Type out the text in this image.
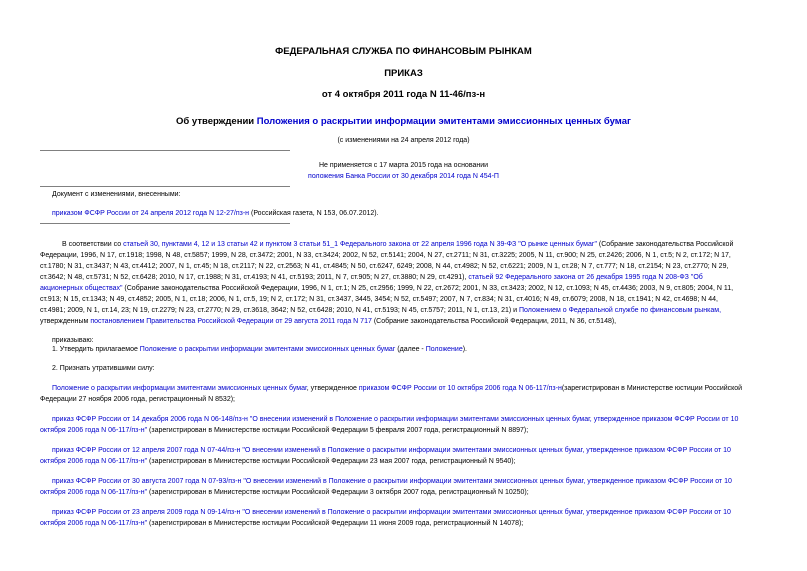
ФЕДЕРАЛЬНАЯ СЛУЖБА ПО ФИНАНСОВЫМ РЫНКАМ
ПРИКАЗ
от 4 октября 2011 года N 11-46/пз-н
Об утверждении Положения о раскрытии информации эмитентами эмиссионных ценных бумаг
(с изменениями на 24 апреля 2012 года)
Не применяется с 17 марта 2015 года на основании
положения Банка России от 30 декабря 2014 года N 454-П
Документ с изменениями, внесенными:
приказом ФСФР России от 24 апреля 2012 года N 12-27/пз-н (Российская газета, N 153, 06.07.2012).
В соответствии со статьей 30, пунктами 4, 12 и 13 статьи 42 и пунктом 3 статьи 51_1 Федерального закона от 22 апреля 1996 года N 39-ФЗ "О рынке ценных бумаг" (Собрание законодательства Российской
Федерации, 1996, N 17, ст.1918; 1998, N 48, ст.5857; 1999, N 28, ст.3472; 2001, N 33, ст.3424; 2002, N 52, ст.5141; 2004, N 27, ст.2711; N 31, ст.3225; 2005, N 11, ст.900; N 25, ст.2426; 2006, N 1, ст.5; N 2, ст.172; N 17,
ст.1780; N 31, ст.3437; N 43, ст.4412; 2007, N 1, ст.45; N 18, ст.2117; N 22, ст.2563; N 41, ст.4845; N 50, ст.6247, 6249; 2008, N 44, ст.4982; N 52, ст.6221; 2009, N 1, ст.28; N 7, ст.777; N 18, ст.2154; N 23, ст.2770; N 29,
ст.3642; N 48, ст.5731; N 52, ст.6428; 2010, N 17, ст.1988; N 31, ст.4193; N 41, ст.5193; 2011, N 7, ст.905; N 27, ст.3880; N 29, ст.4291), статьей 92 Федерального закона от 26 декабря 1995 года N 208-ФЗ "Об
акционерных обществах" (Собрание законодательства Российской Федерации, 1996, N 1, ст.1; N 25, ст.2956; 1999, N 22, ст.2672; 2001, N 33, ст.3423; 2002, N 12, ст.1093; N 45, ст.4436; 2003, N 9, ст.805; 2004, N 11,
ст.913; N 15, ст.1343; N 49, ст.4852; 2005, N 1, ст.18; 2006, N 1, ст.5, 19; N 2, ст.172; N 31, ст.3437, 3445, 3454; N 52, ст.5497; 2007, N 7, ст.834; N 31, ст.4016; N 49, ст.6079; 2008, N 18, ст.1941; N 42, ст.4698; N 44,
ст.4981; 2009, N 1, ст.14, 23; N 19, ст.2279; N 23, ст.2770; N 29, ст.3618, 3642; N 52, ст.6428; 2010, N 41, ст.5193; N 45, ст.5757; 2011, N 1, ст.13, 21) и Положением о Федеральной службе по финансовым рынкам,
утвержденным постановлением Правительства Российской Федерации от 29 августа 2011 года N 717 (Собрание законодательства Российской Федерации, 2011, N 36, ст.5148),
приказываю:
1. Утвердить прилагаемое Положение о раскрытии информации эмитентами эмиссионных ценных бумаг (далее - Положение).
2. Признать утратившими силу:
Положение о раскрытии информации эмитентами эмиссионных ценных бумаг, утвержденное приказом ФСФР России от 10 октября 2006 года N 06-117/пз-н(зарегистрирован в Министерстве юстиции Российской
Федерации 27 ноября 2006 года, регистрационный N 8532);
приказ ФСФР России от 14 декабря 2006 года N 06-148/пз-н "О внесении изменений в Положение о раскрытии информации эмитентами эмиссионных ценных бумаг, утвержденное приказом ФСФР России от 10
октября 2006 года N 06-117/пз-н" (зарегистрирован в Министерстве юстиции Российской Федерации 5 февраля 2007 года, регистрационный N 8897);
приказ ФСФР России от 12 апреля 2007 года N 07-44/пз-н "О внесении изменений в Положение о раскрытии информации эмитентами эмиссионных ценных бумаг, утвержденное приказом ФСФР России от 10
октября 2006 года N 06-117/пз-н" (зарегистрирован в Министерстве юстиции Российской Федерации 23 мая 2007 года, регистрационный N 9540);
приказ ФСФР России от 30 августа 2007 года N 07-93/пз-н "О внесении изменений в Положение о раскрытии информации эмитентами эмиссионных ценных бумаг, утвержденное приказом ФСФР России от 10
октября 2006 года N 06-117/пз-н" (зарегистрирован в Министерстве юстиции Российской Федерации 3 октября 2007 года, регистрационный N 10250);
приказ ФСФР России от 23 апреля 2009 года N 09-14/пз-н "О внесении изменений в Положение о раскрытии информации эмитентами эмиссионных ценных бумаг, утвержденное приказом ФСФР России от 10
октября 2006 года N 06-117/пз-н" (зарегистрирован в Министерстве юстиции Российской Федерации 11 июня 2009 года, регистрационный N 14078);
